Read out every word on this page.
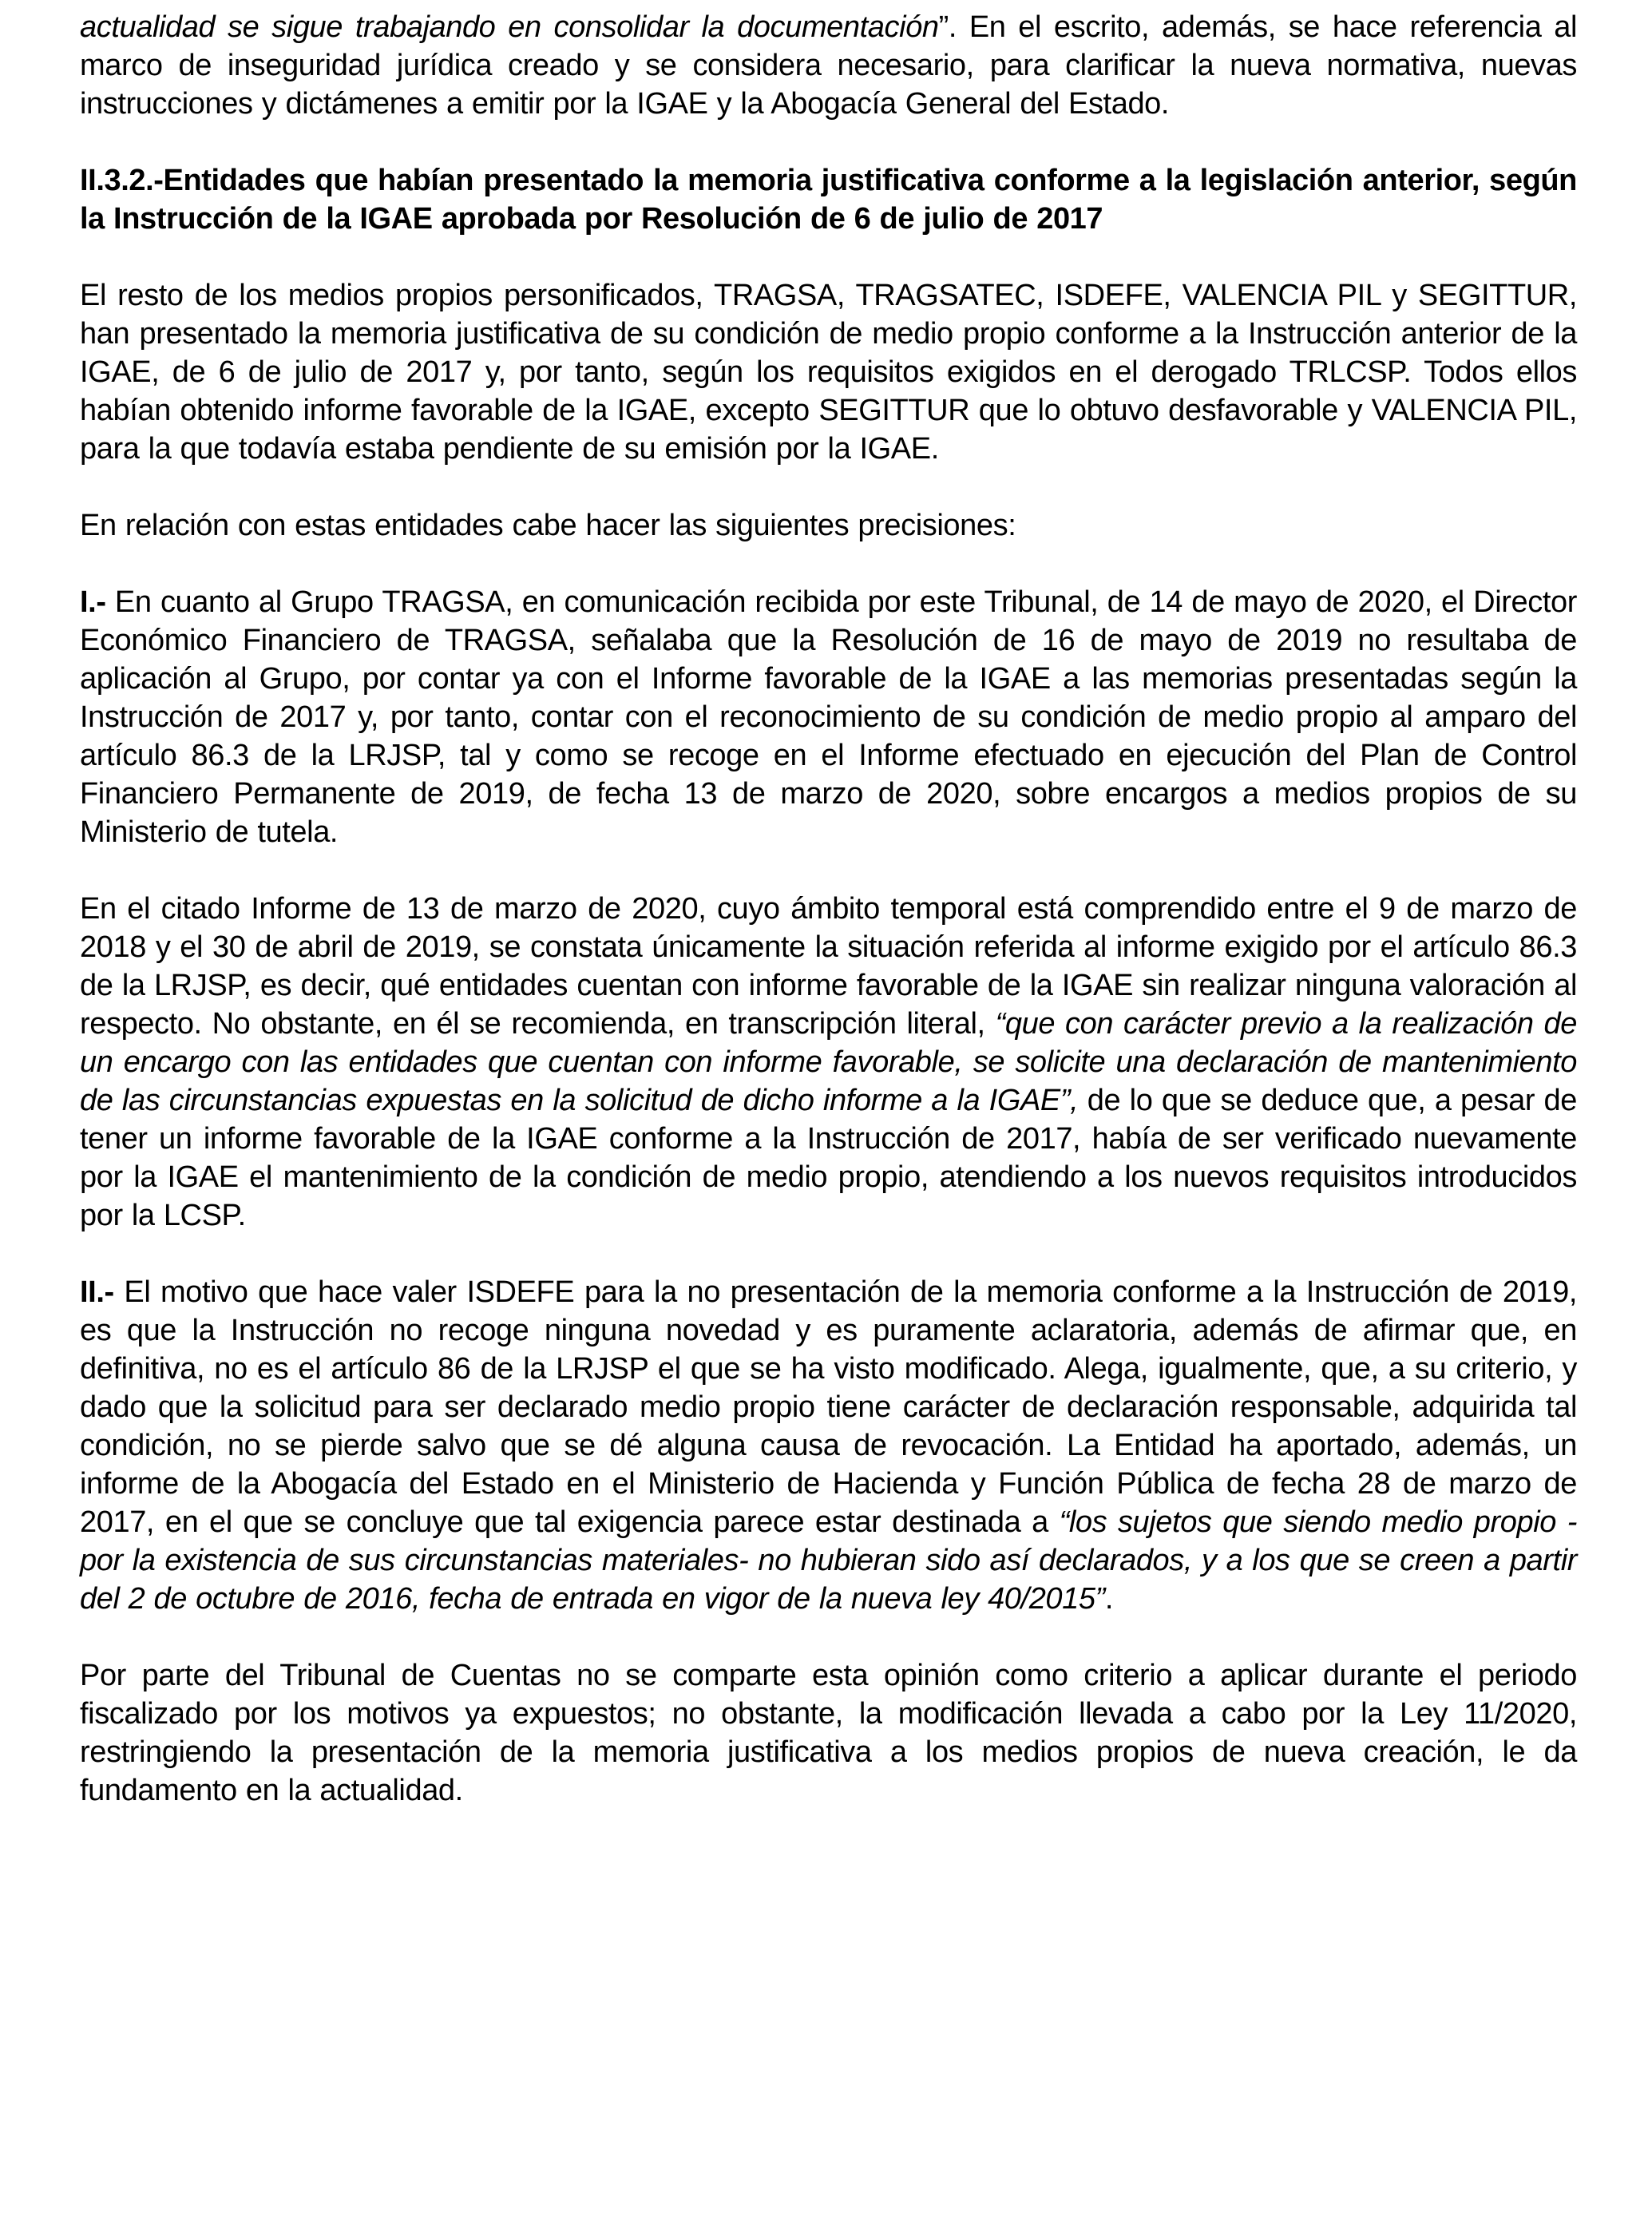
actualidad se sigue trabajando en consolidar la documentación”. En el escrito, además, se hace referencia al marco de inseguridad jurídica creado y se considera necesario, para clarificar la nueva normativa, nuevas instrucciones y dictámenes a emitir por la IGAE y la Abogacía General del Estado.

II.3.2.-Entidades que habían presentado la memoria justificativa conforme a la legislación anterior, según la Instrucción de la IGAE aprobada por Resolución de 6 de julio de 2017

El resto de los medios propios personificados, TRAGSA, TRAGSATEC, ISDEFE, VALENCIA PIL y SEGITTUR, han presentado la memoria justificativa de su condición de medio propio conforme a la Instrucción anterior de la IGAE, de 6 de julio de 2017 y, por tanto, según los requisitos exigidos en el derogado TRLCSP. Todos ellos habían obtenido informe favorable de la IGAE, excepto SEGITTUR que lo obtuvo desfavorable y VALENCIA PIL, para la que todavía estaba pendiente de su emisión por la IGAE.

En relación con estas entidades cabe hacer las siguientes precisiones:

I.- En cuanto al Grupo TRAGSA, en comunicación recibida por este Tribunal, de 14 de mayo de 2020, el Director Económico Financiero de TRAGSA, señalaba que la Resolución de 16 de mayo de 2019 no resultaba de aplicación al Grupo, por contar ya con el Informe favorable de la IGAE a las memorias presentadas según la Instrucción de 2017 y, por tanto, contar con el reconocimiento de su condición de medio propio al amparo del artículo 86.3 de la LRJSP, tal y como se recoge en el Informe efectuado en ejecución del Plan de Control Financiero Permanente de 2019, de fecha 13 de marzo de 2020, sobre encargos a medios propios de su Ministerio de tutela.

En el citado Informe de 13 de marzo de 2020, cuyo ámbito temporal está comprendido entre el 9 de marzo de 2018 y el 30 de abril de 2019, se constata únicamente la situación referida al informe exigido por el artículo 86.3 de la LRJSP, es decir, qué entidades cuentan con informe favorable de la IGAE sin realizar ninguna valoración al respecto. No obstante, en él se recomienda, en transcripción literal, “que con carácter previo a la realización de un encargo con las entidades que cuentan con informe favorable, se solicite una declaración de mantenimiento de las circunstancias expuestas en la solicitud de dicho informe a la IGAE”, de lo que se deduce que, a pesar de tener un informe favorable de la IGAE conforme a la Instrucción de 2017, había de ser verificado nuevamente por la IGAE el mantenimiento de la condición de medio propio, atendiendo a los nuevos requisitos introducidos por la LCSP.

II.- El motivo que hace valer ISDEFE para la no presentación de la memoria conforme a la Instrucción de 2019, es que la Instrucción no recoge ninguna novedad y es puramente aclaratoria, además de afirmar que, en definitiva, no es el artículo 86 de la LRJSP el que se ha visto modificado. Alega, igualmente, que, a su criterio, y dado que la solicitud para ser declarado medio propio tiene carácter de declaración responsable, adquirida tal condición, no se pierde salvo que se dé alguna causa de revocación. La Entidad ha aportado, además, un informe de la Abogacía del Estado en el Ministerio de Hacienda y Función Pública de fecha 28 de marzo de 2017, en el que se concluye que tal exigencia parece estar destinada a “los sujetos que siendo medio propio - por la existencia de sus circunstancias materiales- no hubieran sido así declarados, y a los que se creen a partir del 2 de octubre de 2016, fecha de entrada en vigor de la nueva ley 40/2015”.

Por parte del Tribunal de Cuentas no se comparte esta opinión como criterio a aplicar durante el periodo fiscalizado por los motivos ya expuestos; no obstante, la modificación llevada a cabo por la Ley 11/2020, restringiendo la presentación de la memoria justificativa a los medios propios de nueva creación, le da fundamento en la actualidad.
